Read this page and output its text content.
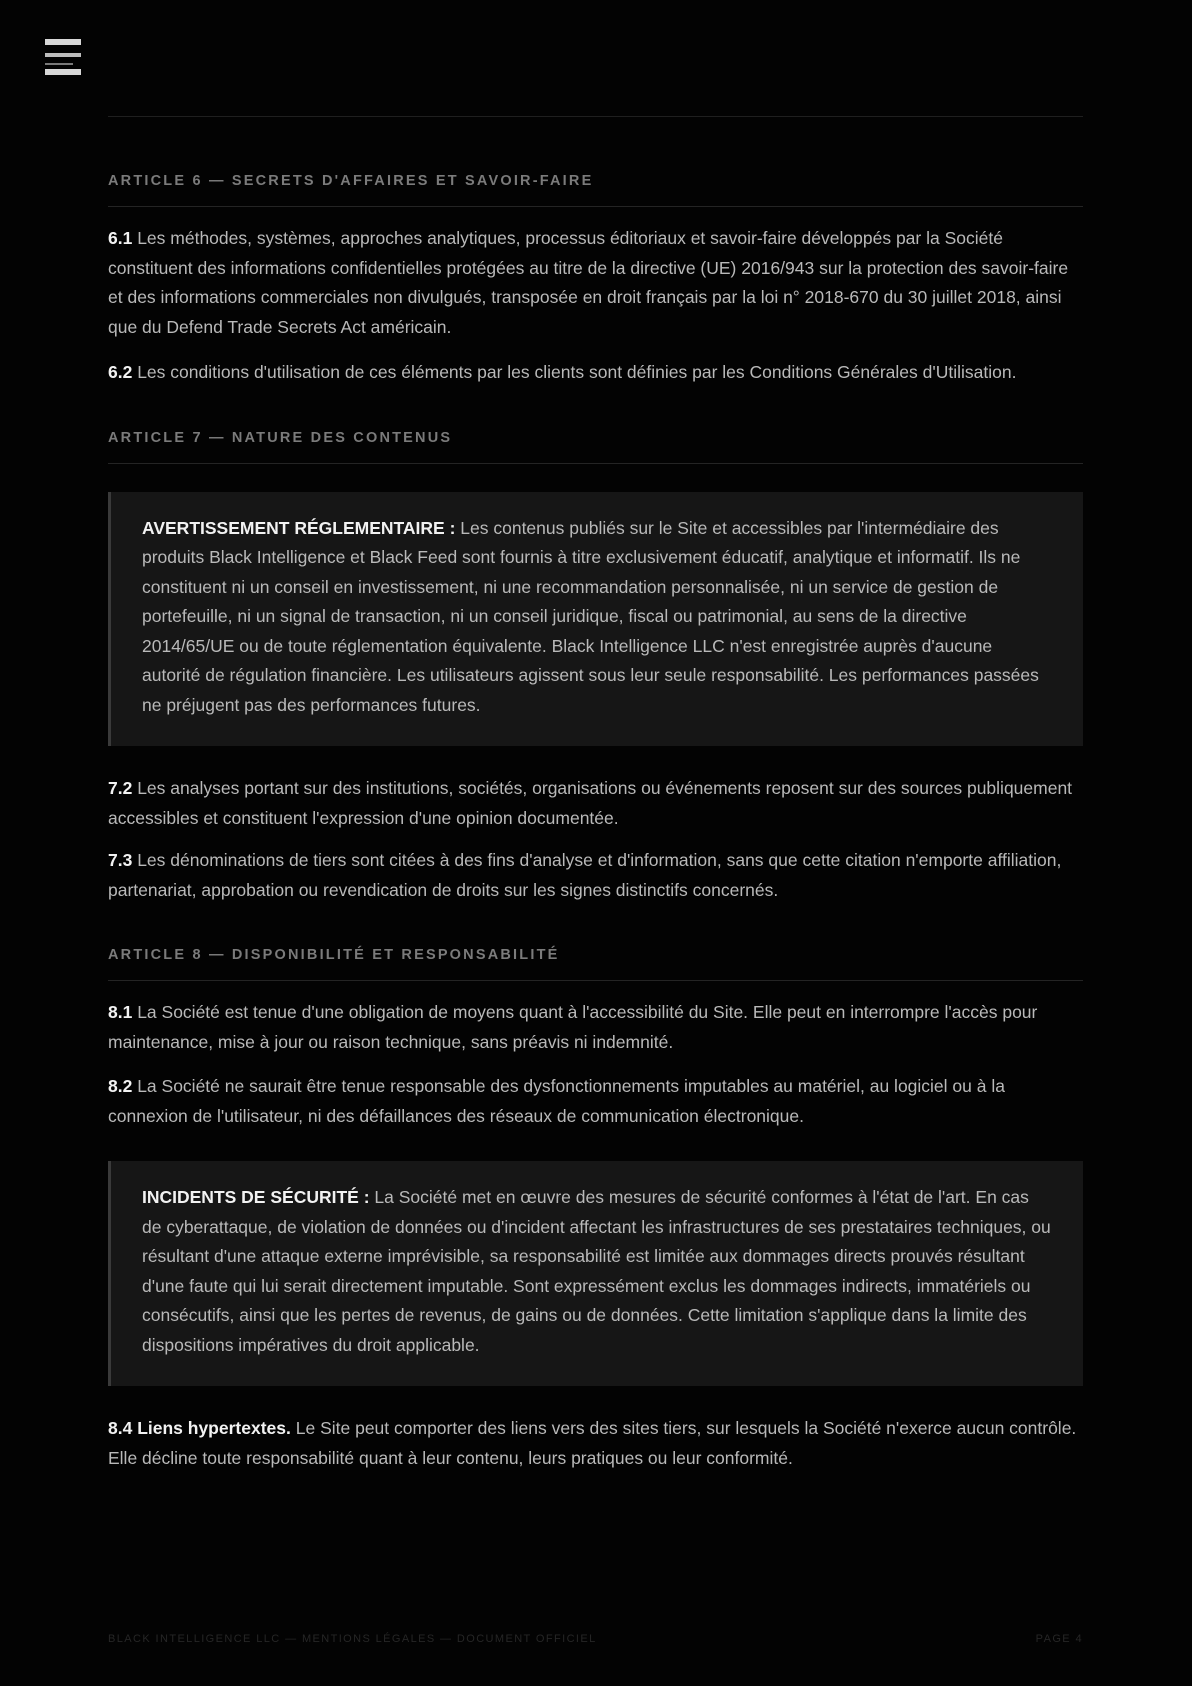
ARTICLE 6 — SECRETS D'AFFAIRES ET SAVOIR-FAIRE

6.1 Les méthodes, systèmes, approches analytiques, processus éditoriaux et savoir-faire développés par la Société constituent des informations confidentielles protégées au titre de la directive (UE) 2016/943 sur la protection des savoir-faire et des informations commerciales non divulgués, transposée en droit français par la loi n° 2018-670 du 30 juillet 2018, ainsi que du Defend Trade Secrets Act américain.

6.2 Les conditions d'utilisation de ces éléments par les clients sont définies par les Conditions Générales d'Utilisation.

ARTICLE 7 — NATURE DES CONTENUS
AVERTISSEMENT RÉGLEMENTAIRE : Les contenus publiés sur le Site et accessibles par l'intermédiaire des produits Black Intelligence et Black Feed sont fournis à titre exclusivement éducatif, analytique et informatif. Ils ne constituent ni un conseil en investissement, ni une recommandation personnalisée, ni un service de gestion de portefeuille, ni un signal de transaction, ni un conseil juridique, fiscal ou patrimonial, au sens de la directive 2014/65/UE ou de toute réglementation équivalente. Black Intelligence LLC n'est enregistrée auprès d'aucune autorité de régulation financière. Les utilisateurs agissent sous leur seule responsabilité. Les performances passées ne préjugent pas des performances futures.

7.2 Les analyses portant sur des institutions, sociétés, organisations ou événements reposent sur des sources publiquement accessibles et constituent l'expression d'une opinion documentée.

7.3 Les dénominations de tiers sont citées à des fins d'analyse et d'information, sans que cette citation n'emporte affiliation, partenariat, approbation ou revendication de droits sur les signes distinctifs concernés.

ARTICLE 8 — DISPONIBILITÉ ET RESPONSABILITÉ

8.1 La Société est tenue d'une obligation de moyens quant à l'accessibilité du Site. Elle peut en interrompre l'accès pour maintenance, mise à jour ou raison technique, sans préavis ni indemnité.

8.2 La Société ne saurait être tenue responsable des dysfonctionnements imputables au matériel, au logiciel ou à la connexion de l'utilisateur, ni des défaillances des réseaux de communication électronique.

INCIDENTS DE SÉCURITÉ : La Société met en œuvre des mesures de sécurité conformes à l'état de l'art. En cas de cyberattaque, de violation de données ou d'incident affectant les infrastructures de ses prestataires techniques, ou résultant d'une attaque externe imprévisible, sa responsabilité est limitée aux dommages directs prouvés résultant d'une faute qui lui serait directement imputable. Sont expressément exclus les dommages indirects, immatériels ou consécutifs, ainsi que les pertes de revenus, de gains ou de données. Cette limitation s'applique dans la limite des dispositions impératives du droit applicable.

8.4 Liens hypertextes. Le Site peut comporter des liens vers des sites tiers, sur lesquels la Société n'exerce aucun contrôle. Elle décline toute responsabilité quant à leur contenu, leurs pratiques ou leur conformité.

BLACK INTELLIGENCE LLC — MENTIONS LÉGALES — DOCUMENT OFFICIEL	PAGE 4
